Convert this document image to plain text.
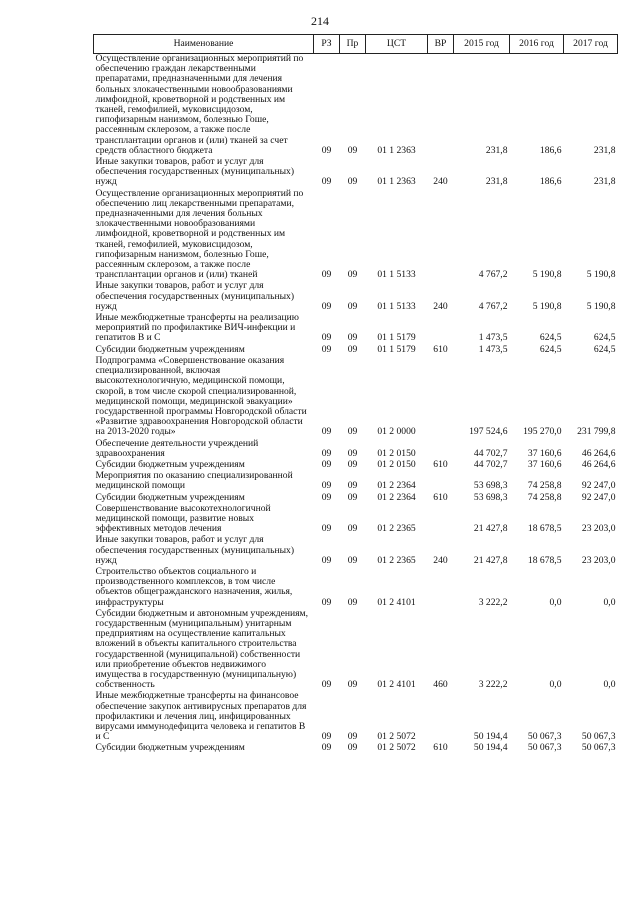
214
Наименование	РЗ	Пр	ЦСТ	ВР	2015 год	2016 год	2017 год
Осуществление организационных мероприятий по обеспечению граждан лекарственными препаратами, предназначенными для лечения больных злокачественными новообразованиями лимфоидной, кроветворной и родственных им тканей, гемофилией, муковисцидозом, гипофизарным нанизмом, болезнью Гоше, рассеянным склерозом, а также после трансплантации органов и (или) тканей за счет средств областного бюджета	09	09	01 1 2363		231,8	186,6	231,8
Иные закупки товаров, работ и услуг для обеспечения государственных (муниципальных) нужд	09	09	01 1 2363	240	231,8	186,6	231,8
Осуществление организационных мероприятий по обеспечению лиц лекарственными препаратами, предназначенными для лечения больных злокачественными новообразованиями лимфоидной, кроветворной и родственных им тканей, гемофилией, муковисцидозом, гипофизарным нанизмом, болезнью Гоше, рассеянным склерозом, а также после трансплантации органов и (или) тканей	09	09	01 1 5133		4 767,2	5 190,8	5 190,8
Иные закупки товаров, работ и услуг для обеспечения государственных (муниципальных) нужд	09	09	01 1 5133	240	4 767,2	5 190,8	5 190,8
Иные межбюджетные трансферты на реализацию мероприятий по профилактике ВИЧ-инфекции и гепатитов В и С	09	09	01 1 5179		1 473,5	624,5	624,5
Субсидии бюджетным учреждениям	09	09	01 1 5179	610	1 473,5	624,5	624,5
Подпрограмма «Совершенствование оказания специализированной, включая высокотехнологичную, медицинской помощи, скорой, в том числе скорой специализированной, медицинской помощи, медицинской эвакуации» государственной программы Новгородской области «Развитие здравоохранения Новгородской области на 2013-2020 годы»	09	09	01 2 0000		197 524,6	195 270,0	231 799,8
Обеспечение деятельности учреждений здравоохранения	09	09	01 2 0150		44 702,7	37 160,6	46 264,6
Субсидии бюджетным учреждениям	09	09	01 2 0150	610	44 702,7	37 160,6	46 264,6
Мероприятия по оказанию специализированной медицинской помощи	09	09	01 2 2364		53 698,3	74 258,8	92 247,0
Субсидии бюджетным учреждениям	09	09	01 2 2364	610	53 698,3	74 258,8	92 247,0
Совершенствование высокотехнологичной медицинской помощи, развитие новых эффективных методов лечения	09	09	01 2 2365		21 427,8	18 678,5	23 203,0
Иные закупки товаров, работ и услуг для обеспечения государственных (муниципальных) нужд	09	09	01 2 2365	240	21 427,8	18 678,5	23 203,0
Строительство объектов социального и производственного комплексов, в том числе объектов общегражданского назначения, жилья, инфраструктуры	09	09	01 2 4101		3 222,2	0,0	0,0
Субсидии бюджетным и автономным учреждениям, государственным (муниципальным) унитарным предприятиям на осуществление капитальных вложений в объекты капитального строительства государственной (муниципальной) собственности или приобретение объектов недвижимого имущества в государственную (муниципальную) собственность	09	09	01 2 4101	460	3 222,2	0,0	0,0
Иные межбюджетные трансферты на финансовое обеспечение закупок антивирусных препаратов для профилактики и лечения лиц, инфицированных вирусами иммунодефицита человека и гепатитов В и С	09	09	01 2 5072		50 194,4	50 067,3	50 067,3
Субсидии бюджетным учреждениям	09	09	01 2 5072	610	50 194,4	50 067,3	50 067,3
